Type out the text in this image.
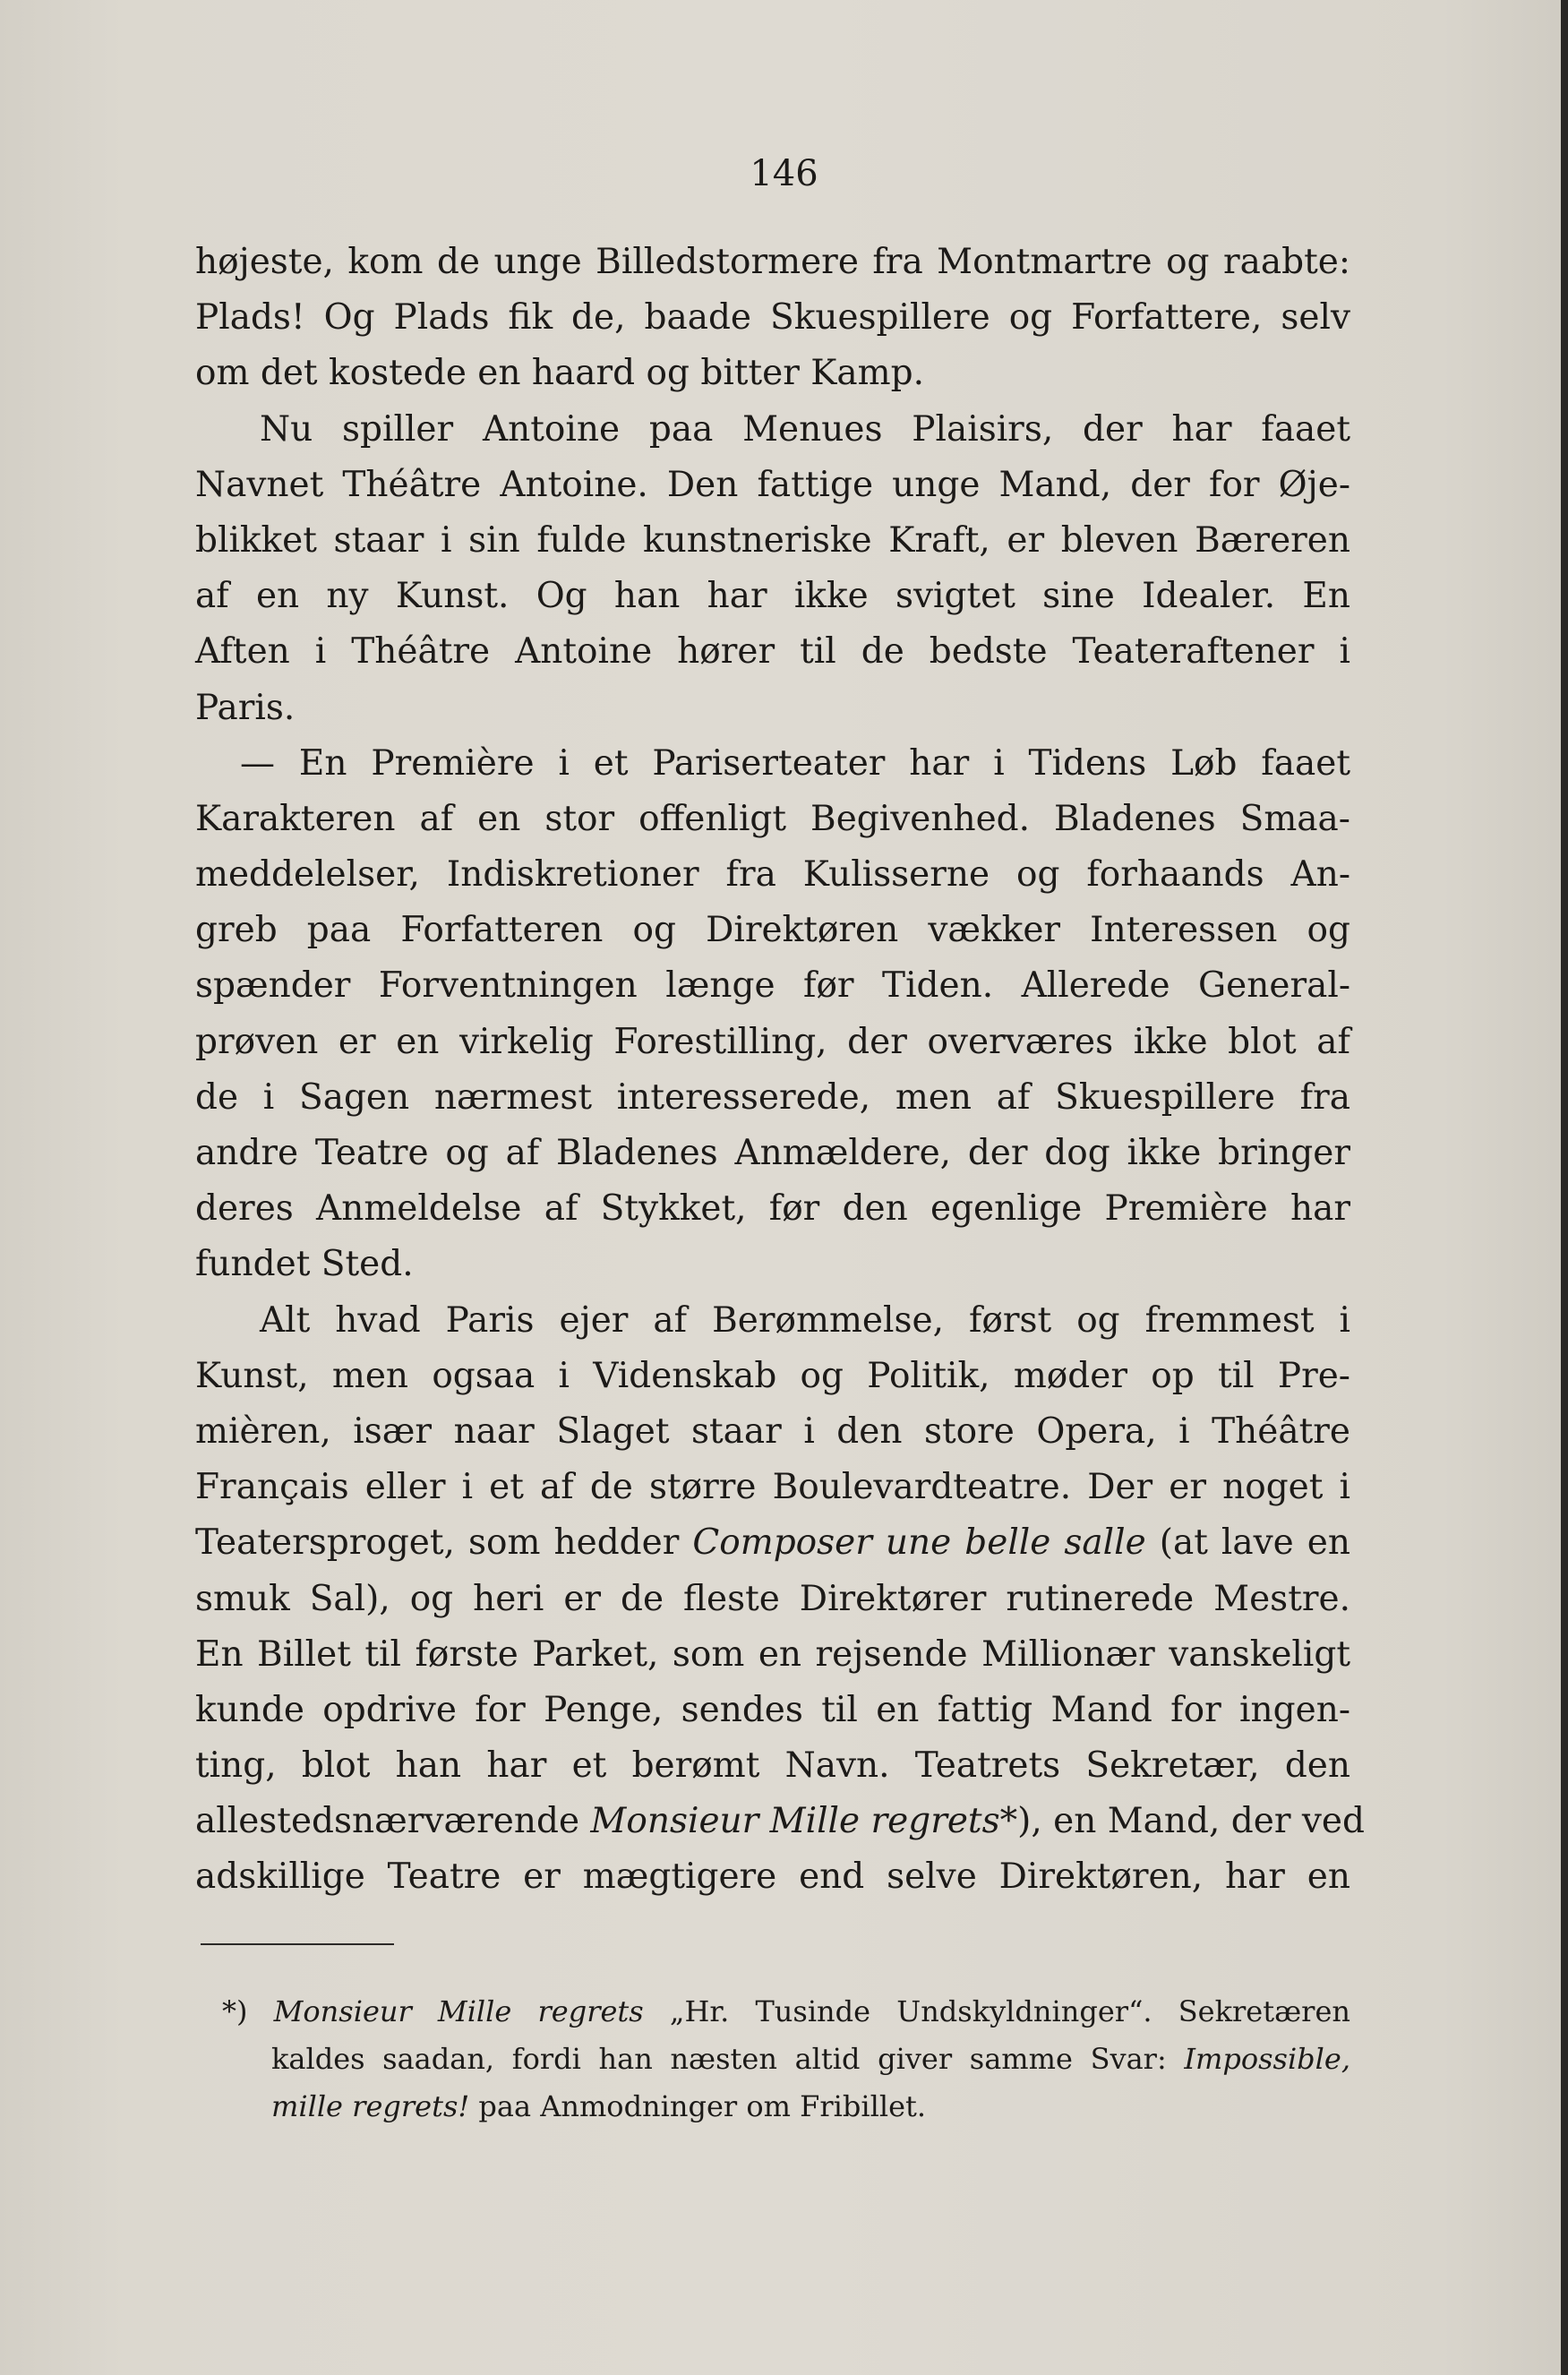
146
højeste, kom de unge Billedstormere fra Montmartre og raabte:
Plads! Og Plads fik de, baade Skuespillere og Forfattere, selv
om det kostede en haard og bitter Kamp.
Nu spiller Antoine paa Menues Plaisirs, der har faaet
Navnet Théâtre Antoine. Den fattige unge Mand, der for Øje-
blikket staar i sin fulde kunstneriske Kraft, er bleven Bæreren
af en ny Kunst. Og han har ikke svigtet sine Idealer. En
Aften i Théâtre Antoine hører til de bedste Teateraftener i
Paris.
— En Première i et Pariserteater har i Tidens Løb faaet
Karakteren af en stor offenligt Begivenhed. Bladenes Smaa-
meddelelser, Indiskretioner fra Kulisserne og forhaands An-
greb paa Forfatteren og Direktøren vækker Interessen og
spænder Forventningen længe før Tiden. Allerede General-
prøven er en virkelig Forestilling, der overværes ikke blot af
de i Sagen nærmest interesserede, men af Skuespillere fra
andre Teatre og af Bladenes Anmældere, der dog ikke bringer
deres Anmeldelse af Stykket, før den egenlige Première har
fundet Sted.
Alt hvad Paris ejer af Berømmelse, først og fremmest i
Kunst, men ogsaa i Videnskab og Politik, møder op til Pre-
mièren, især naar Slaget staar i den store Opera, i Théâtre
Français eller i et af de større Boulevardteatre. Der er noget i
Teatersproget, som hedder Composer une belle salle (at lave en
smuk Sal), og heri er de fleste Direktører rutinerede Mestre.
En Billet til første Parket, som en rejsende Millionær vanskeligt
kunde opdrive for Penge, sendes til en fattig Mand for ingen-
ting, blot han har et berømt Navn. Teatrets Sekretær, den
allestedsnærværende Monsieur Mille regrets*), en Mand, der ved
adskillige Teatre er mægtigere end selve Direktøren, har en
*) Monsieur Mille regrets „Hr. Tusinde Undskyldninger“. Sekretæren
kaldes saadan, fordi han næsten altid giver samme Svar: Impossible,
mille regrets! paa Anmodninger om Fribillet.
